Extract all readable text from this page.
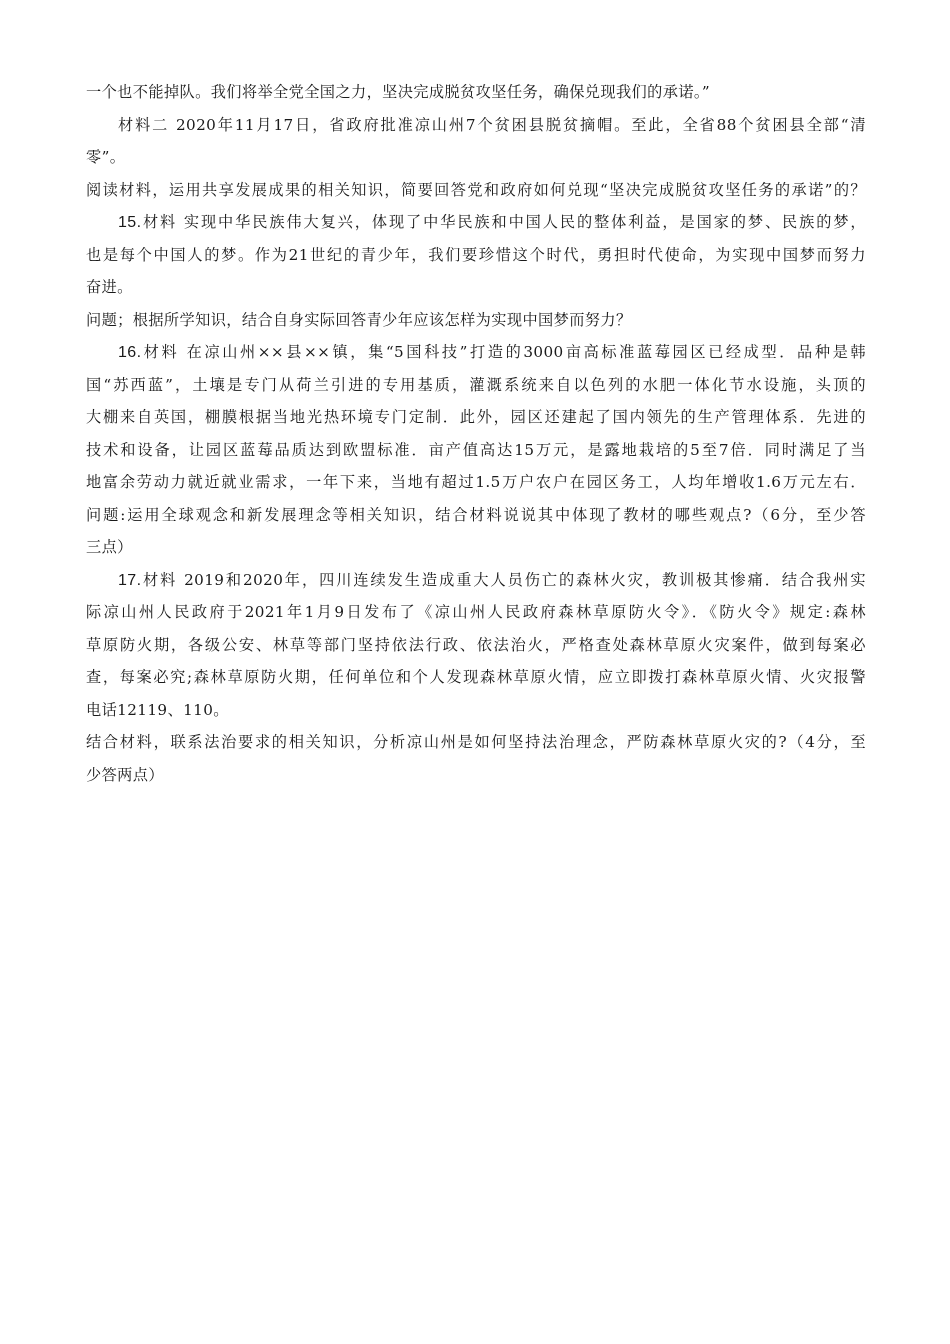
一个也不能掉队。我们将举全党全国之力，坚决完成脱贫攻坚任务，确保兑现我们的承诺。”
材料二 2020年11月17日，省政府批准凉山州7个贫困县脱贫摘帽。至此，全省88个贫困县全部“清
零”。
阅读材料，运用共享发展成果的相关知识，简要回答党和政府如何兑现“坚决完成脱贫攻坚任务的承诺”的？
15.材料 实现中华民族伟大复兴，体现了中华民族和中国人民的整体利益，是国家的梦、民族的梦，
也是每个中国人的梦。作为21世纪的青少年，我们要珍惜这个时代，勇担时代使命，为实现中国梦而努力
奋进。
问题；根据所学知识，结合自身实际回答青少年应该怎样为实现中国梦而努力？
16.材料 在凉山州××县××镇，集“5国科技”打造的3000亩高标准蓝莓园区已经成型．品种是韩
国“苏西蓝”，土壤是专门从荷兰引进的专用基质，灌溉系统来自以色列的水肥一体化节水设施，头顶的
大棚来自英国，棚膜根据当地光热环境专门定制．此外，园区还建起了国内领先的生产管理体系．先进的
技术和设备，让园区蓝莓品质达到欧盟标准．亩产值高达15万元，是露地栽培的5至7倍．同时满足了当
地富余劳动力就近就业需求，一年下来，当地有超过1.5万户农户在园区务工，人均年增收1.6万元左右．
问题:运用全球观念和新发展理念等相关知识，结合材料说说其中体现了教材的哪些观点?（6分，至少答
三点）
17.材料 2019和2020年，四川连续发生造成重大人员伤亡的森林火灾，教训极其惨痛．结合我州实
际凉山州人民政府于2021年1月9日发布了《凉山州人民政府森林草原防火令》．《防火令》规定:森林
草原防火期，各级公安、林草等部门坚持依法行政、依法治火，严格查处森林草原火灾案件，做到每案必
查，每案必究;森林草原防火期，任何单位和个人发现森林草原火情，应立即拨打森林草原火情、火灾报警
电话12119、110。
结合材料，联系法治要求的相关知识，分析凉山州是如何坚持法治理念，严防森林草原火灾的?（4分，至
少答两点）
